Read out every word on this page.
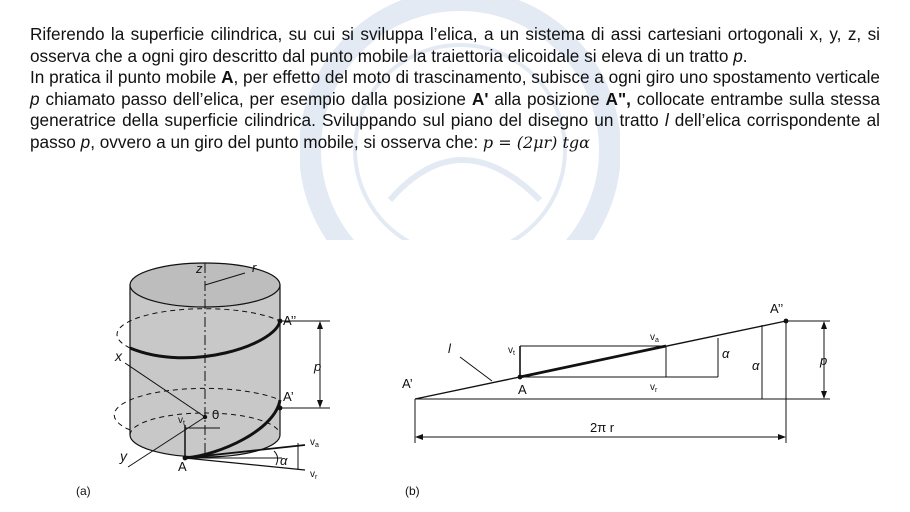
Riferendo la superficie cilindrica, su cui si sviluppa l’elica, a un sistema di assi cartesiani ortogonali x, y, z, si osserva che a ogni giro descritto dal punto mobile la traiettoria elicoidale si eleva di un tratto p.

In pratica il punto mobile A, per effetto del moto di trascinamento, subisce a ogni giro uno spostamento verticale p chiamato passo dell’elica, per esempio dalla posizione A' alla posizione A", collocate entrambe sulla stessa generatrice della superficie cilindrica. Sviluppando sul piano del disegno un tratto l dell’elica corrispondente al passo p, ovvero a un giro del punto mobile, si osserva che: p = (2μr) tgα

z	r
x
y
0
A’’
A’
p
$v_t$
$v_a$
$v_r$
α
A
(a)
2π r
p
α
α
l	$v_t$
$v_a$
$v_r$
A
A’
A’’
(b)
